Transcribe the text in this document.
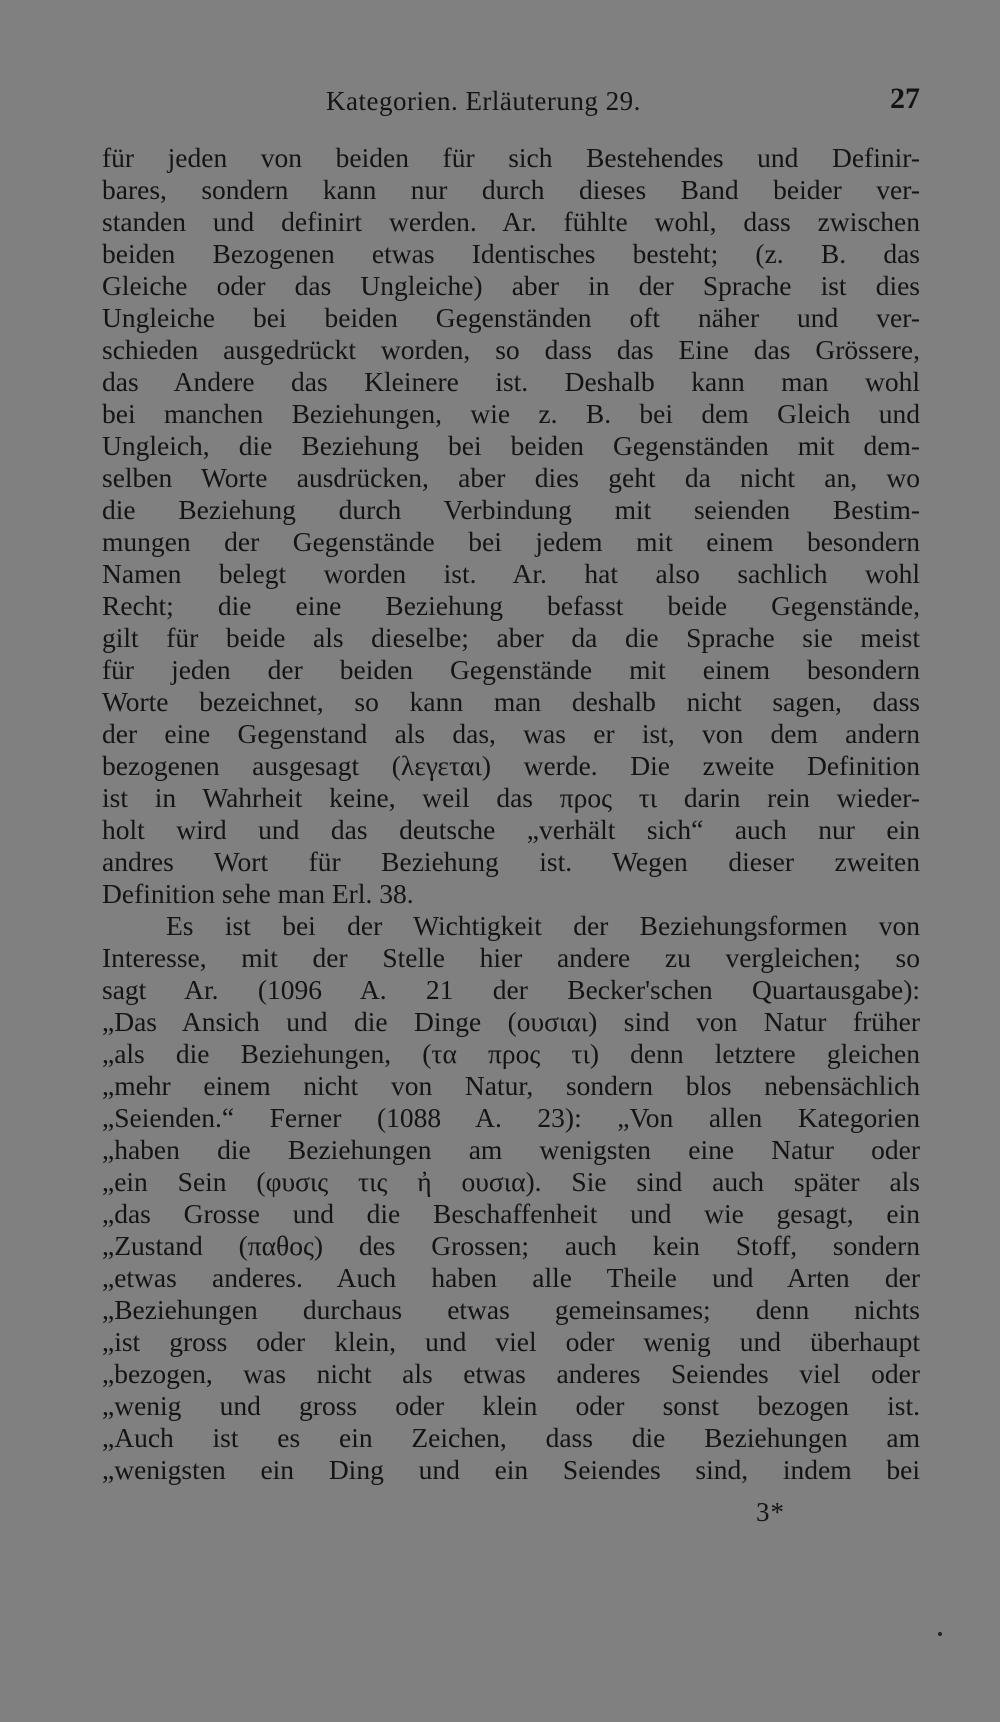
Kategorien. Erläuterung 29.	27
für jeden von beiden für sich Bestehendes und Definir-
bares, sondern kann nur durch dieses Band beider ver-
standen und definirt werden. Ar. fühlte wohl, dass zwischen
beiden Bezogenen etwas Identisches besteht; (z. B. das
Gleiche oder das Ungleiche) aber in der Sprache ist dies
Ungleiche bei beiden Gegenständen oft näher und ver-
schieden ausgedrückt worden, so dass das Eine das Grössere,
das Andere das Kleinere ist. Deshalb kann man wohl
bei manchen Beziehungen, wie z. B. bei dem Gleich und
Ungleich, die Beziehung bei beiden Gegenständen mit dem-
selben Worte ausdrücken, aber dies geht da nicht an, wo
die Beziehung durch Verbindung mit seienden Bestim-
mungen der Gegenstände bei jedem mit einem besondern
Namen belegt worden ist. Ar. hat also sachlich wohl
Recht; die eine Beziehung befasst beide Gegenstände,
gilt für beide als dieselbe; aber da die Sprache sie meist
für jeden der beiden Gegenstände mit einem besondern
Worte bezeichnet, so kann man deshalb nicht sagen, dass
der eine Gegenstand als das, was er ist, von dem andern
bezogenen ausgesagt (λεγεται) werde. Die zweite Definition
ist in Wahrheit keine, weil das προς τι darin rein wieder-
holt wird und das deutsche „verhält sich“ auch nur ein
andres Wort für Beziehung ist. Wegen dieser zweiten
Definition sehe man Erl. 38.
Es ist bei der Wichtigkeit der Beziehungsformen von
Interesse, mit der Stelle hier andere zu vergleichen; so
sagt Ar. (1096 A. 21 der Becker'schen Quartausgabe):
„Das Ansich und die Dinge (ουσιαι) sind von Natur früher
„als die Beziehungen, (τα προς τι) denn letztere gleichen
„mehr einem nicht von Natur, sondern blos nebensächlich
„Seienden.“ Ferner (1088 A. 23): „Von allen Kategorien
„haben die Beziehungen am wenigsten eine Natur oder
„ein Sein (φυσις τις ἠ ουσια). Sie sind auch später als
„das Grosse und die Beschaffenheit und wie gesagt, ein
„Zustand (παθος) des Grossen; auch kein Stoff, sondern
„etwas anderes. Auch haben alle Theile und Arten der
„Beziehungen durchaus etwas gemeinsames; denn nichts
„ist gross oder klein, und viel oder wenig und überhaupt
„bezogen, was nicht als etwas anderes Seiendes viel oder
„wenig und gross oder klein oder sonst bezogen ist.
„Auch ist es ein Zeichen, dass die Beziehungen am
„wenigsten ein Ding und ein Seiendes sind, indem bei
3*
